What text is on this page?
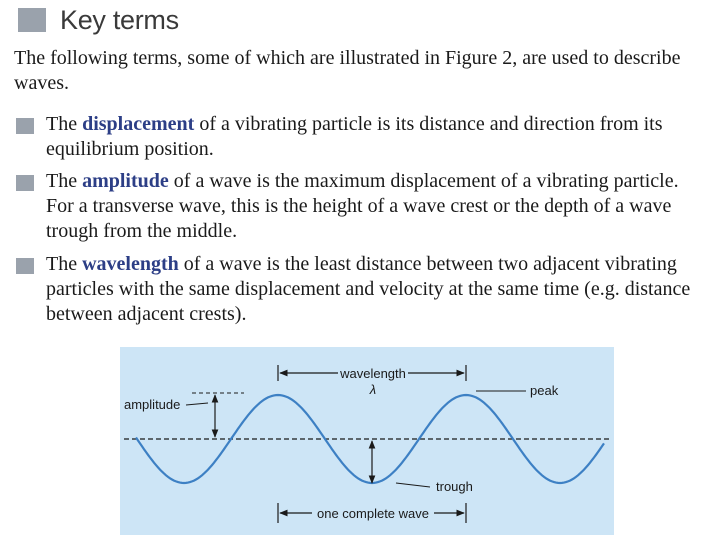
Key terms
The following terms, some of which are illustrated in Figure 2, are used to describe waves.
The displacement of a vibrating particle is its distance and direction from its equilibrium position.
The amplitude of a wave is the maximum displacement of a vibrating particle. For a transverse wave, this is the height of a wave crest or the depth of a wave trough from the middle.
The wavelength of a wave is the least distance between two adjacent vibrating particles with the same displacement and velocity at the same time (e.g. distance between adjacent crests).
wavelength
λ	peak
amplitude
trough
one complete wave
